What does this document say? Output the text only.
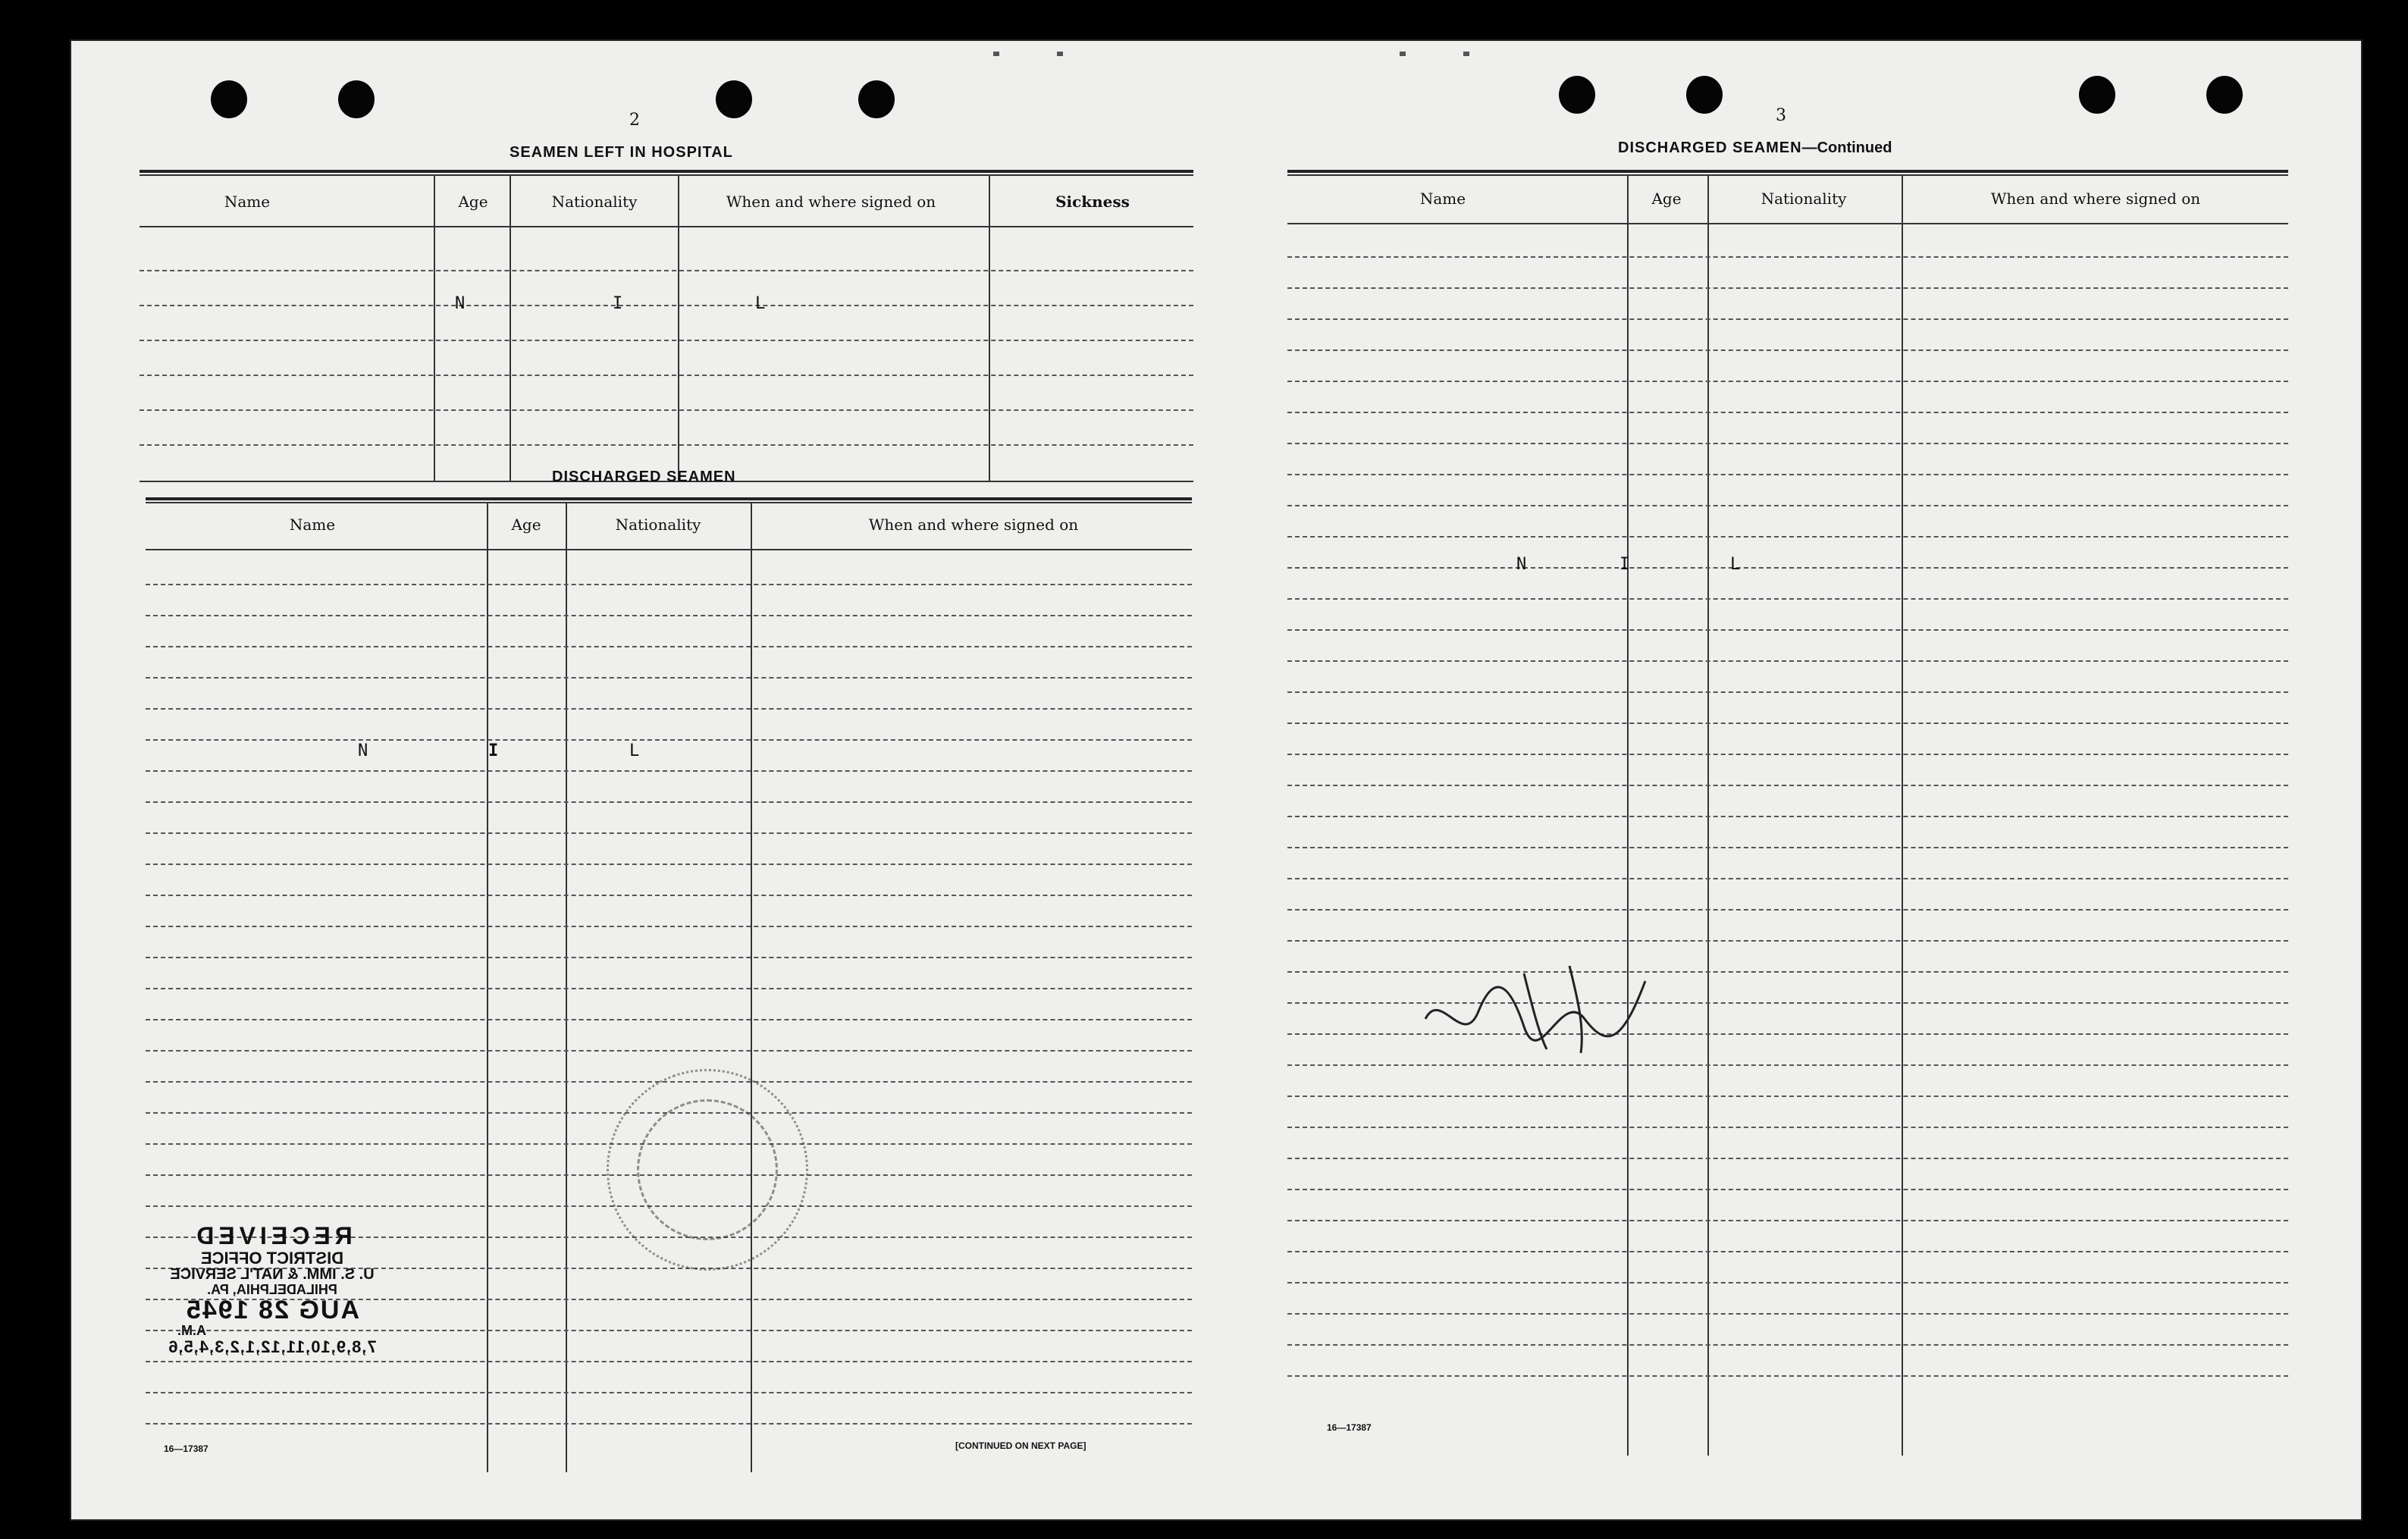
2
SEAMEN LEFT IN HOSPITAL
Name	Age	Nationality	When and where signed on	Sickness
N	I	L
DISCHARGED SEAMEN
Name	Age	Nationality	When and where signed on
N	I	L
RECEIVED
DISTRICT OFFICE
U. S. IMM. & NAT'L SERVICE
PHILADELPHIA, PA.
AUG 28 1945
A.M.
7,8,9,10,11,12,1,2,3,4,5,6
16—17387	[CONTINUED ON NEXT PAGE]
3
DISCHARGED SEAMEN—Continued
Name	Age	Nationality	When and where signed on
N	I	L
16—17387
